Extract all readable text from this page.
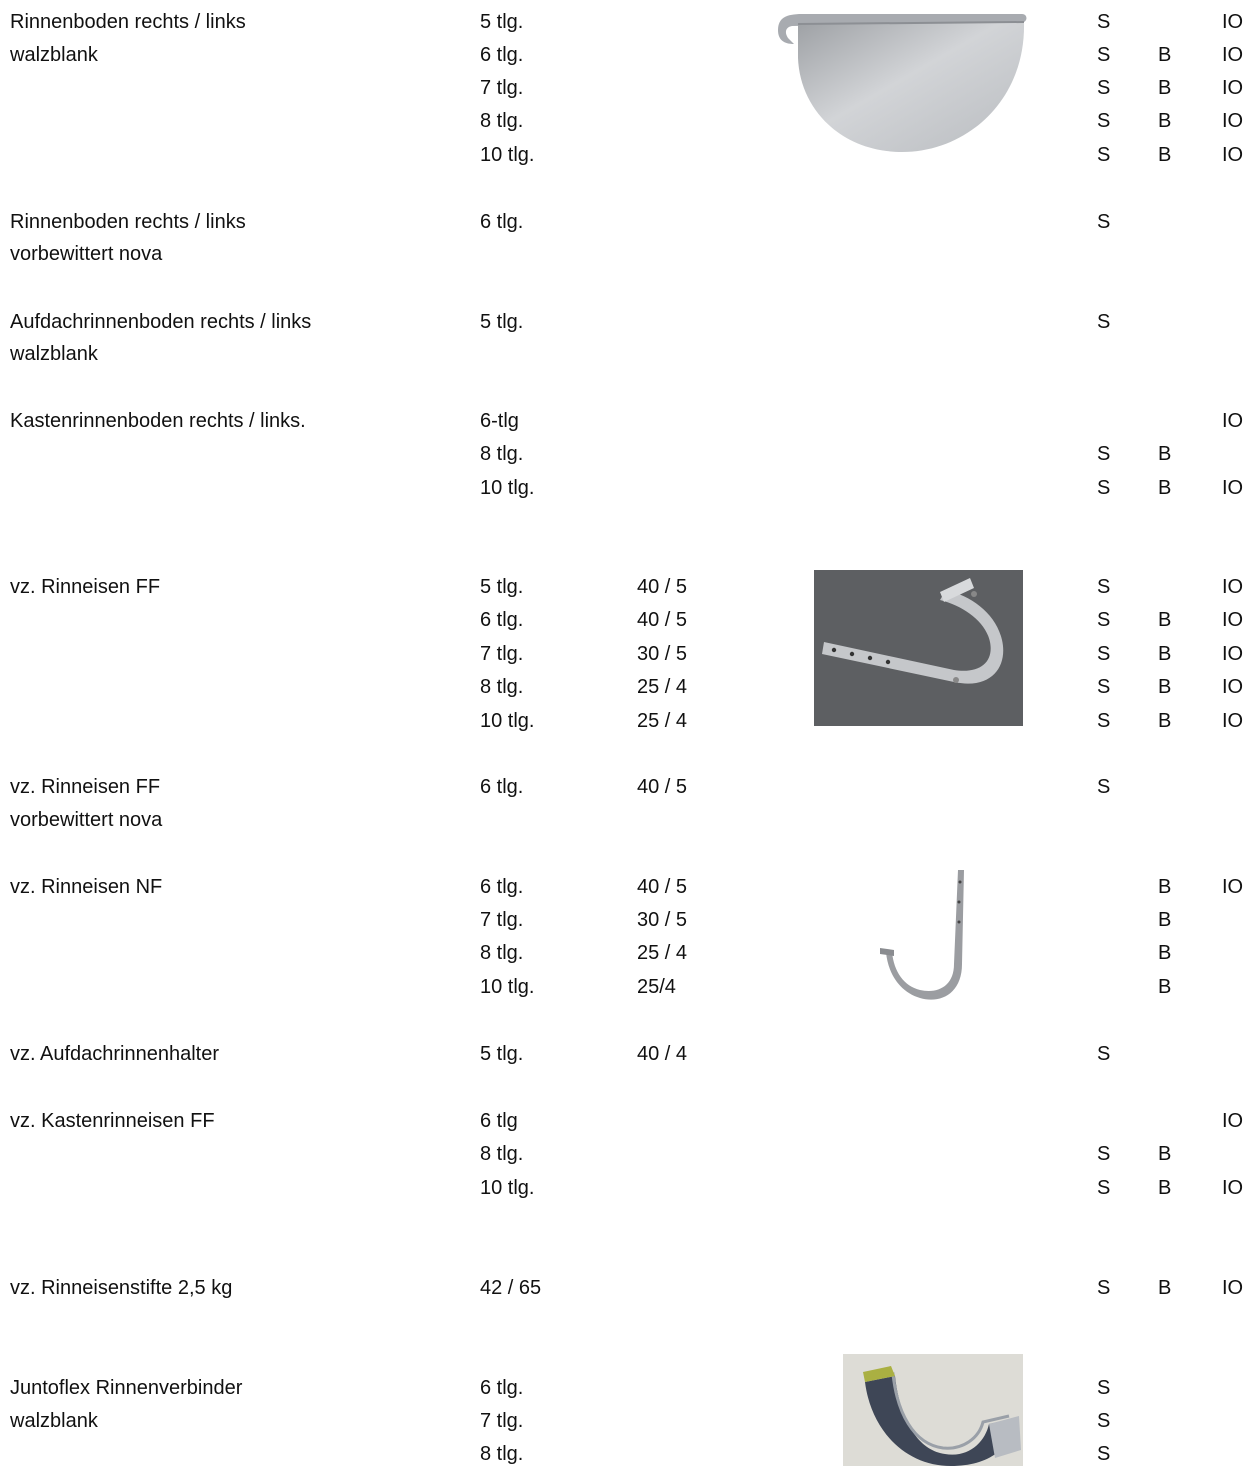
Rinnenboden rechts / links	5 tlg.	S	IO
walzblank	6 tlg.	S B	IO
7 tlg.	S B	IO
8 tlg.	S B	IO
10 tlg.	S B	IO
Rinnenboden rechts / links	6 tlg.	S
vorbewittert nova
Aufdachrinnenboden rechts / links	5 tlg.	S
walzblank
Kastenrinnenboden rechts / links.	6-tlg	IO
8 tlg.	S B
10 tlg.	S B	IO
vz. Rinneisen FF	5 tlg.	40 / 5	S	IO
6 tlg.	40 / 5	S B	IO
7 tlg.	30 / 5	S B	IO
8 tlg.	25 / 4	S B	IO
10 tlg.	25 / 4	S B	IO
vz. Rinneisen FF	6 tlg.	40 / 5	S
vorbewittert nova
vz. Rinneisen NF	6 tlg.	40 / 5	B	IO
7 tlg.	30 / 5	B
8 tlg.	25 / 4	B
10 tlg.	25/4	B
vz. Aufdachrinnenhalter	5 tlg.	40 / 4	S
vz. Kastenrinneisen FF	6 tlg	IO
8 tlg.	S B
10 tlg.	S B	IO
vz. Rinneisenstifte 2,5 kg	42 / 65	S B	IO
Juntoflex Rinnenverbinder	6 tlg.	S
walzblank	7 tlg.	S
8 tlg.	S
